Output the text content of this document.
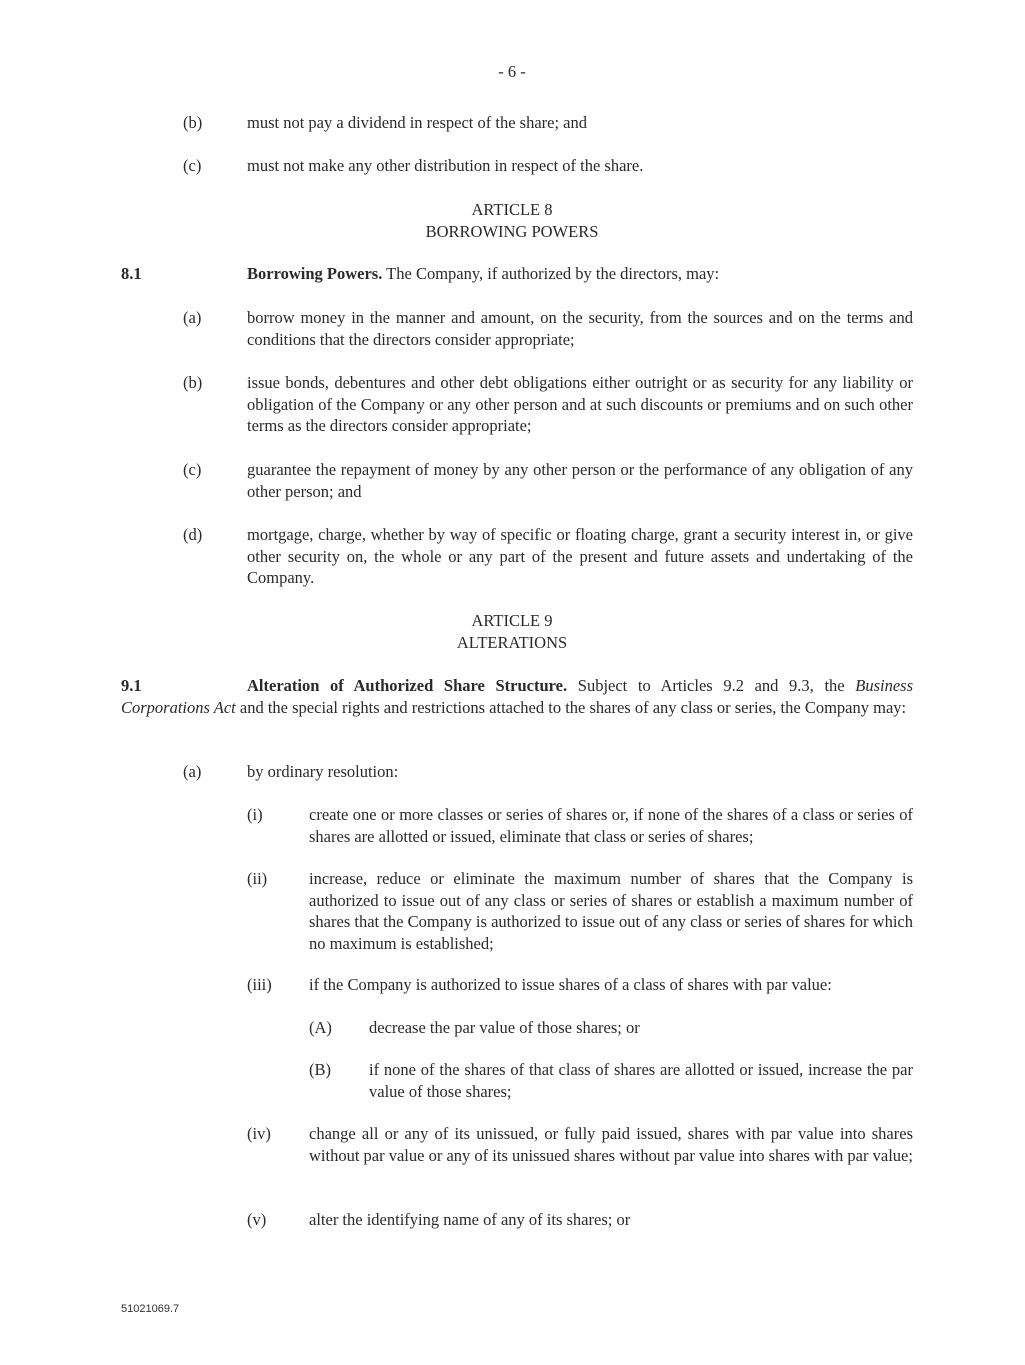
- 6 -
(b)	must not pay a dividend in respect of the share; and
(c)	must not make any other distribution in respect of the share.
ARTICLE 8
BORROWING POWERS
8.1	Borrowing Powers. The Company, if authorized by the directors, may:
(a)	borrow money in the manner and amount, on the security, from the sources and on the terms and conditions that the directors consider appropriate;
(b)	issue bonds, debentures and other debt obligations either outright or as security for any liability or obligation of the Company or any other person and at such discounts or premiums and on such other terms as the directors consider appropriate;
(c)	guarantee the repayment of money by any other person or the performance of any obligation of any other person; and
(d)	mortgage, charge, whether by way of specific or floating charge, grant a security interest in, or give other security on, the whole or any part of the present and future assets and undertaking of the Company.
ARTICLE 9
ALTERATIONS
9.1	Alteration of Authorized Share Structure. Subject to Articles 9.2 and 9.3, the Business Corporations Act and the special rights and restrictions attached to the shares of any class or series, the Company may:
(a)	by ordinary resolution:
(i)	create one or more classes or series of shares or, if none of the shares of a class or series of shares are allotted or issued, eliminate that class or series of shares;
(ii)	increase, reduce or eliminate the maximum number of shares that the Company is authorized to issue out of any class or series of shares or establish a maximum number of shares that the Company is authorized to issue out of any class or series of shares for which no maximum is established;
(iii) if the Company is authorized to issue shares of a class of shares with par value:
(A) decrease the par value of those shares; or
(B) if none of the shares of that class of shares are allotted or issued, increase the par value of those shares;
(iv) change all or any of its unissued, or fully paid issued, shares with par value into shares without par value or any of its unissued shares without par value into shares with par value;
(v)	alter the identifying name of any of its shares; or
51021069.7
